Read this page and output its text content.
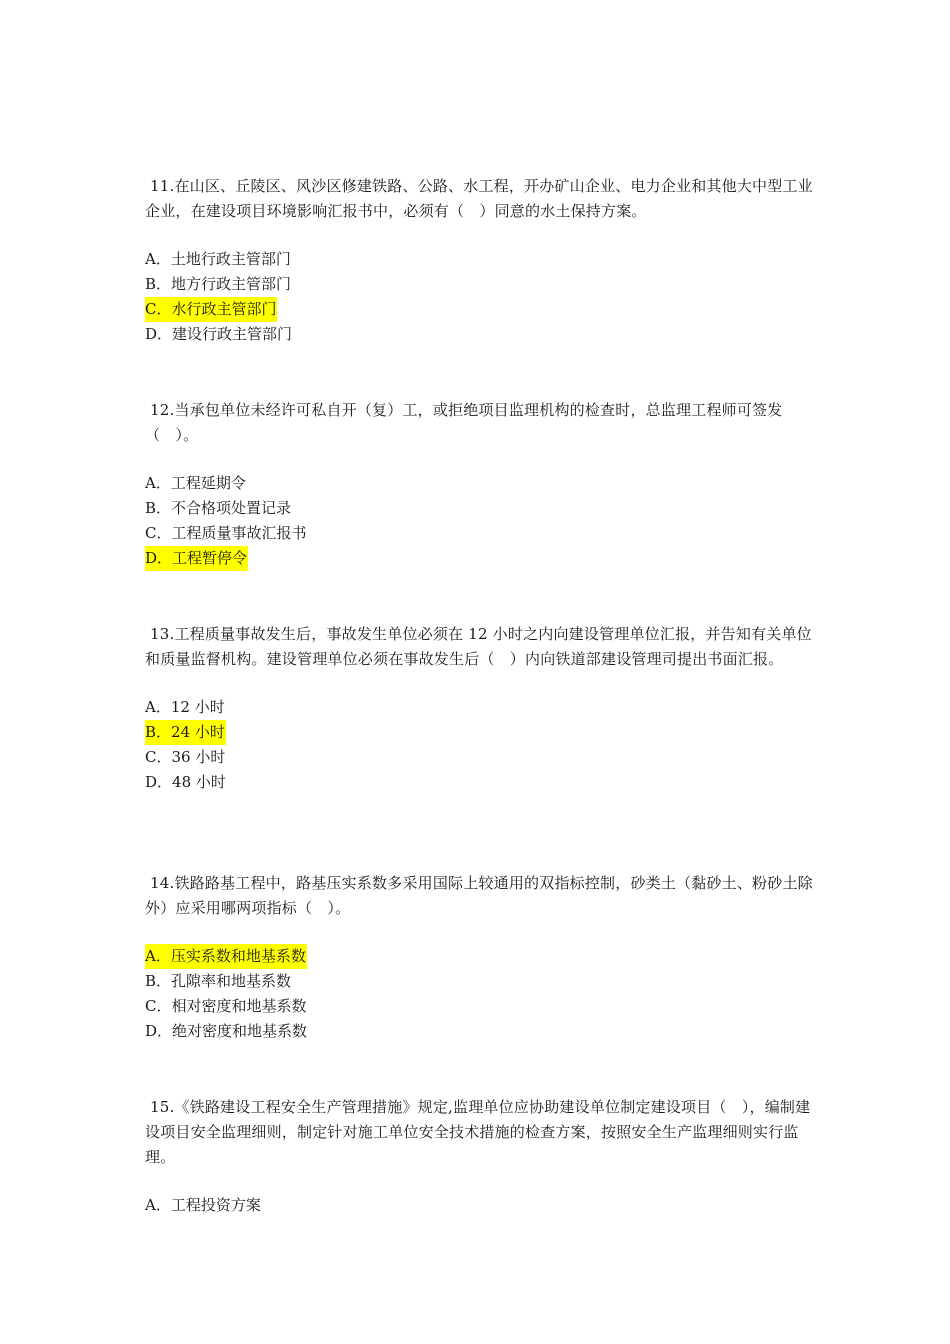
11.在山区、丘陵区、风沙区修建铁路、公路、水工程，开办矿山企业、电力企业和其他大中型工业企业，在建设项目环境影响汇报书中，必须有（　）同意的水土保持方案。

A．土地行政主管部门
B．地方行政主管部门
C．水行政主管部门
D．建设行政主管部门

12.当承包单位未经许可私自开（复）工，或拒绝项目监理机构的检查时，总监理工程师可签发（　）。

A．工程延期令
B．不合格项处置记录
C．工程质量事故汇报书
D．工程暂停令

13.工程质量事故发生后，事故发生单位必须在 12 小时之内向建设管理单位汇报，并告知有关单位和质量监督机构。建设管理单位必须在事故发生后（　）内向铁道部建设管理司提出书面汇报。

A．12 小时
B．24 小时
C．36 小时
D．48 小时

14.铁路路基工程中，路基压实系数多采用国际上较通用的双指标控制，砂类土（黏砂土、粉砂土除外）应采用哪两项指标（　）。

A．压实系数和地基系数
B．孔隙率和地基系数
C．相对密度和地基系数
D．绝对密度和地基系数

15.《铁路建设工程安全生产管理措施》规定,监理单位应协助建设单位制定建设项目（　），编制建设项目安全监理细则，制定针对施工单位安全技术措施的检查方案，按照安全生产监理细则实行监理。

A．工程投资方案
